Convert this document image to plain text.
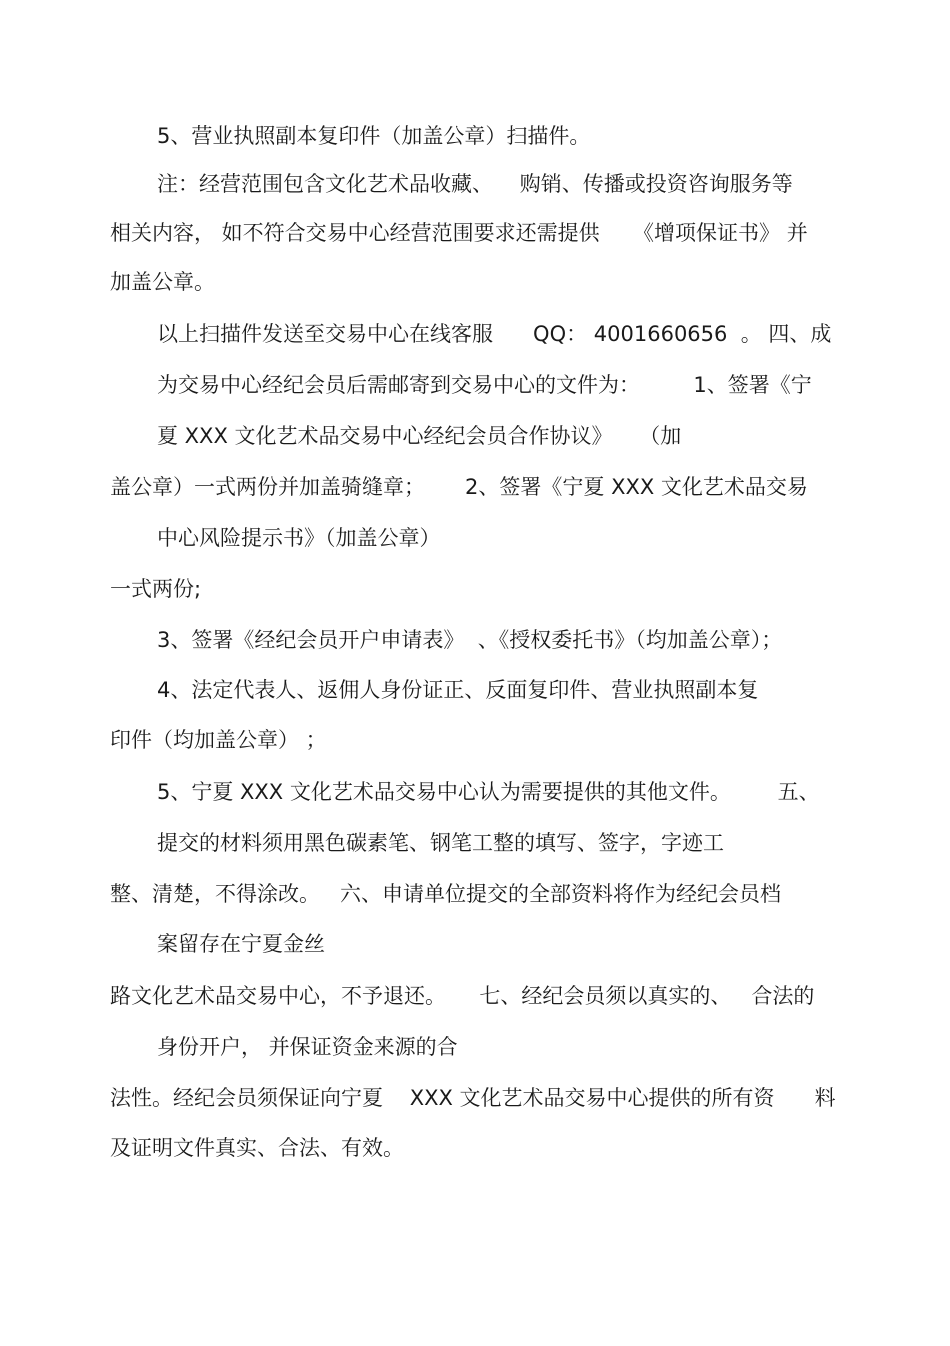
5、营业执照副本复印件（加盖公章）扫描件。
注：经营范围包含文化艺术品收藏、    购销、传播或投资咨询服务等
相关内容， 如不符合交易中心经营范围要求还需提供     《增项保证书》 并
加盖公章。
以上扫描件发送至交易中心在线客服      QQ： 4001660656  。 四、成
为交易中心经纪会员后需邮寄到交易中心的文件为：        1、签署《宁
夏 XXX 文化艺术品交易中心经纪会员合作协议》    （加
盖公章）一式两份并加盖骑缝章；      2、签署《宁夏 XXX 文化艺术品交易
中心风险提示书》（加盖公章）
一式两份;
3、签署《经纪会员开户申请表》  、《授权委托书》（均加盖公章）；
4、法定代表人、返佣人身份证正、反面复印件、营业执照副本复
印件（均加盖公章） ；
5、宁夏 XXX 文化艺术品交易中心认为需要提供的其他文件。       五、
提交的材料须用黑色碳素笔、钢笔工整的填写、签字，字迹工
整、清楚，不得涂改。   六、申请单位提交的全部资料将作为经纪会员档
案留存在宁夏金丝
路文化艺术品交易中心，不予退还。     七、经纪会员须以真实的、   合法的
身份开户， 并保证资金来源的合
法性。经纪会员须保证向宁夏    XXX 文化艺术品交易中心提供的所有资      料
及证明文件真实、合法、有效。
